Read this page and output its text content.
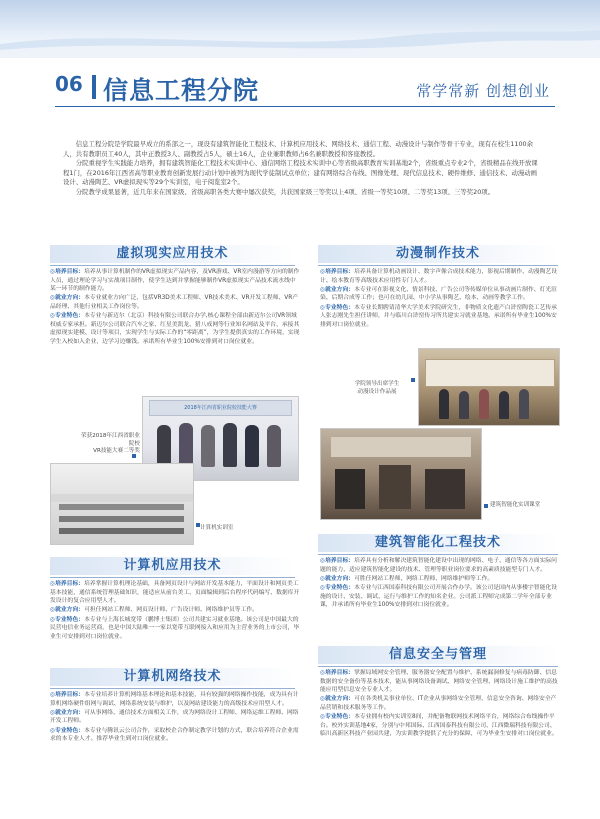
06 信息工程分院	常学常新 创想创业

信息工程分院是学院最早成立的系部之一，现设有建筑智能化工程技术、计算机应用技术、网络技术、通信工程、动漫设计与制作等骨干专业，现有在校生1100余人，共有教职员工40人，其中正教授3人、副教授占5人，硕士16人，企业兼职教师占6名兼职教授和客座教授。

分院重视学生实践能力培养，拥有建筑智能化工程技术实训中心、通信网络工程技术实训中心等省级高职教育实训基地2个，省级重点专业2个，省级精品在线开放课程1门，在2016年江西省高等职业教育创新发展行动计划中被列为现代学徒制试点单位；建有网络综合布线、图像处理、现代信息技术、硬件维修、通信技术、动漫动画设计、动漫陶艺、VR虚拟现实等29个实训室，电子阅览室2个。

分院教学成果显著，近几年来在国家级、省级高职各类大赛中屡次获奖，共获国家级三等奖以上4项、省级一等奖10项、二等奖13项、三等奖20项。

虚拟现实应用技术

◎培养目标：培养从事计算机制作的VR虚拟现实产品内容，及VR游戏、VR室内漫游等方向的制作人员，通过理论学习与实战项目制作，使学生达到并掌握能够制作VR虚拟现实产品技术流水线中某一环节的制作能力。

◎就业方向：本专业就业方向广泛，包括VR3D美术工程师、VR技术美术、VR开发工程师、VR产品经理、其他行业相关工作岗位等。

◎专业特色：本专业与新迈尔（北京）科技有限公司联合办学,核心课程全部由新迈尔公司VR领域权威专家承担。新迈尔公司联合汽车之家、红星美凯龙、猎八戒网等行业知名网站及平台，承接其虚拟现实建模、设计等项目，实现学生与实际工作的“零距离”，为学生提供真实的工作环境，实现学生入校如入企业，边学习边赚钱。承诺所有毕业生100%安排到对口岗位就业。

2018年江西省职业院校技能大赛
荣获2018年江西省职业院校
VR技能大赛二等奖
计算机实训室
动漫制作技术

◎培养目标：培养具备计算机动画设计、数字声像合成技术能力，影视后期制作、动漫陶艺设计、绘本教育等高级技术应用性专门人才。

◎就业方向：本专业可在影视文化、情景科技、广告公司等传媒单位从事动画片制作、灯光渲染、后期合成等工作；也可在幼儿园、中小学从事陶艺、绘本、动画等教学工作。

◎专业特色：本专业长期聘请清华大学美术学院研究生，非物质文化遗产白浒窑陶瓷工艺传承人张志刚先生担任讲师，并与临川白浒窑传习所共建实习就业基地。承诺所有毕业生100%安排到对口岗位就业。

学院领导出席学生
动漫设计作品展
建筑智能化实训课堂
建筑智能化工程技术

◎培养目标：培养具有分析和解决建筑智能化建设中出现的网络、电子、通信等各方面实际问题的能力，适应建筑智能化建设的技术、管理等职业岗位要求的高素质技能型专门人才。

◎就业方向：可胜任网站工程师、网络工程师、网络维护师等工作。

◎专业特色：本专业与江西国泰科技有限公司开展合作办学。该公司是国内从事楼宇智能化设施的设计、安装、调试、运行与维护工作的知名企业。公司派工程师完成第二学年全部专业课，并承诺所有毕业生100%安排到对口岗位就业。

计算机应用技术

◎培养目标：培养掌握计算机理论基础，具备网页设计与网站开发基本能力，平面设计和网页美工基本技能，通信系统管理基础知识，能适应从前台美工、页面编辑到后台程序代码编写、数据库开发设计的复合应用型人才。

◎就业方向：可担任网站工程师、网页设计师、广告设计师、网络维护员等工作。

◎专业特色：本专业与上海长城宽带（鹏博士集团）公司共建实习就业基地。该公司是中国最大的民营电信业务运营商，也是中国大陆唯一一家以宽带互联网接入和应用为主营业务的上市公司，毕业生可安排到对口岗位就业。

计算机网络技术

◎培养目标：本专业培养计算机网络基本理论和基本技能，具有较强的网络操作技能，成为具有计算机网络硬件组网与调试、网络系统安装与维护，以及网站建设能力的高级技术应用型人才。

◎就业方向：可从事网络、通信技术方面相关工作，成为网络设计工程师、网络运维工程师、网络开发工程师。

◎专业特色：本专业与腾讯云公司合作，采取校企合作制定教学计划的方式，联合培养符合企业需求的本专业人才。推荐毕业生到对口岗位就业。

信息安全与管理

◎培养目标：掌握局域网安全管理、服务器安全配置与维护、系统漏洞修复与病毒防御、信息数据的安全备份等基本技术，能从事网络设备调试、网络安全管理、网络设计施工维护的高技能应用型信息安全专业人才。

◎就业方向：可在各类机关事业单位、IT企业从事网络安全管理、信息安全咨询、网络安全产品营销和技术服务等工作。

◎专业特色：本专业拥有校内实训室8间，并配备物联网技术网络平台，网络综合布线操作平台。校外实训基地4家，分别与中邦国际、江西国泰科技有限公司、江西微瑞科技有限公司、临川高新区科技产业园共建，为实训教学提供了充分的保障，可为毕业生安排对口岗位就业。
